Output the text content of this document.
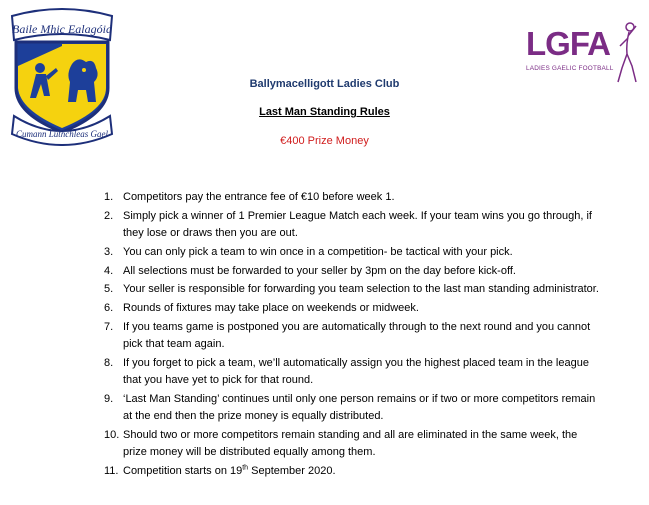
Baile Mhic Ealagóid
Cumann Lúthchleas Gael
LGFA
LADIES GAELIC FOOTBALL
Ballymacelligott Ladies Club
Last Man Standing Rules
€400 Prize Money
1. Competitors pay the entrance fee of €10 before week 1.
2. Simply pick a winner of 1 Premier League Match each week. If your team wins you go through, if they lose or draws then you are out.
3. You can only pick a team to win once in a competition- be tactical with your pick.
4. All selections must be forwarded to your seller by 3pm on the day before kick-off.
5. Your seller is responsible for forwarding you team selection to the last man standing administrator.
6. Rounds of fixtures may take place on weekends or midweek.
7. If you teams game is postponed you are automatically through to the next round and you cannot pick that team again.
8. If you forget to pick a team, we’ll automatically assign you the highest placed team in the league that you have yet to pick for that round.
9. ‘Last Man Standing’ continues until only one person remains or if two or more competitors remain at the end then the prize money is equally distributed.
10. Should two or more competitors remain standing and all are eliminated in the same week, the prize money will be distributed equally among them.
11. Competition starts on 19th September 2020.
